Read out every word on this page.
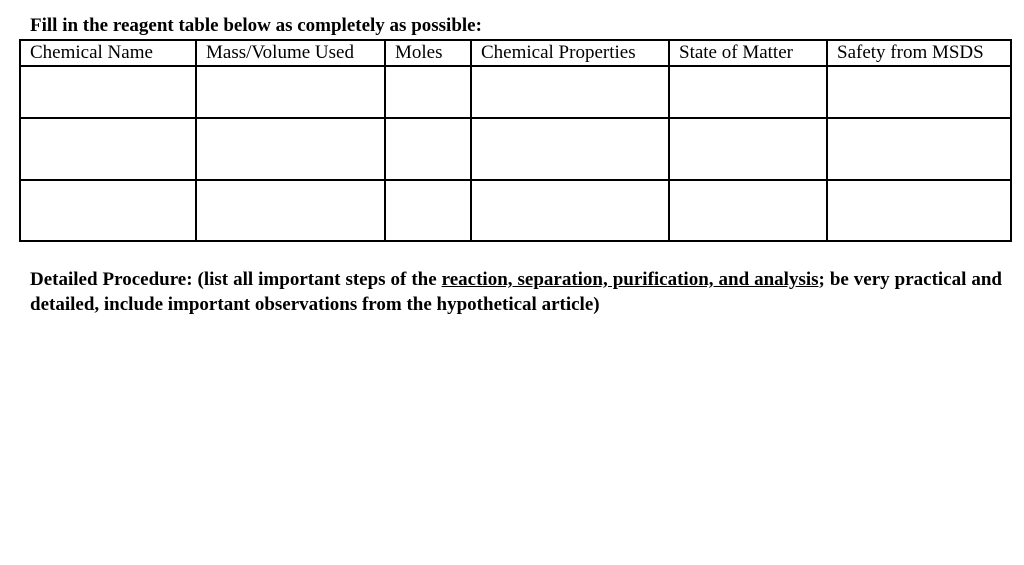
Fill in the reagent table below as completely as possible:
Chemical Name	Mass/Volume Used	Moles	Chemical Properties	State of Matter	Safety from MSDS

Detailed Procedure: (list all important steps of the reaction, separation, purification, and analysis; be very practical and detailed, include important observations from the hypothetical article)
